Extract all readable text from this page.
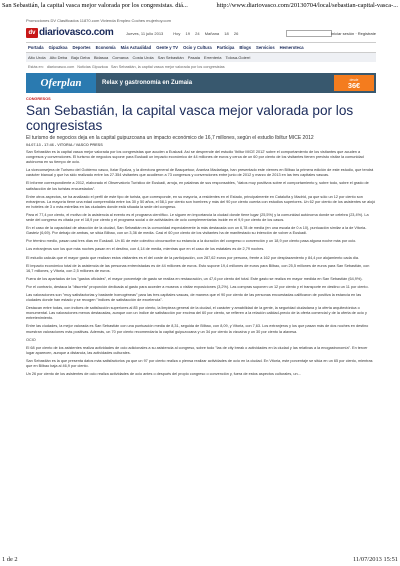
San Sebastián, la capital vasca mejor valorada por los congresistas. diá...	http://www.diariovasco.com/20130704/local/sebastian-capital-vasca-...
Promociones DV Clasificados 11870.com Vivienda Empleo Coches mujerhoy.com
dv diariovasco.com	Jueves, 11 julio 2013	Hoy 19 24 Mañana 18 26	Iniciar sesión · Registrate
Portada Gipuzkoa Deportes Economía Más Actualidad Gente y TV Ocio y Cultura Participa Blogs Servicios Hemeroteca
Alto Urola Alto Deba Bajo Deba Bidasoa Comarca Costa Urola San Sebastián Pasaia Errenteria Tolosa-Goierri
Estás en: diariovasco.com Noticias Gipuzkoa San Sebastián, la capital vasca mejor valorada por los congresistas
Oferplan	Relax y gastronomía en Zumaia	desde
36€
CONGRESOS
San Sebastián, la capital vasca mejor valorada por los congresistas
El turismo de negocios deja en la capital guipuzcoana un impacto económico de 16,7 millones, según el estudio Ibiltur MICE 2012
04.07.13 - 17:46 - VITORIA / VASCO PRESS

San Sebastián es la capital vasca mejor valorada por los congresistas que acuden a Euskadi. Así se desprende del estudio 'Ibiltur MICE 2012' sobre el comportamiento de los visitantes que acuden a congresos y convenciones. El turismo de negocios supone para Euskadi un impacto económico de 44 millones de euros y cerca de un 60 por ciento de los visitantes tienen previsto visitar la comunidad autónoma en su tiempo de ocio.

La viceconsejera de Turismo del Gobierno vasco, Itziar Epalza, y la directora general de Basquetour, Arantza Madariaga, han presentado este viernes en Bilbao la primera edición de este estudio, que tendrá carácter bianual y que ha sido realizado entre los 27.354 visitantes que acudieron a 73 congresos y convenciones entre junio de 2012 y marzo de 2013 en las tres capitales vascas.

El informe correspondiente a 2012, elaborado el Observatorio Turístico de Euskadi, arroja, en palabras de sus responsables, "datos muy positivos sobre el comportamiento y, sobre todo, sobre el grado de satisfacción de los turistas encuestados".

Entre otros aspectos, se ha analizado el perfil de este tipo de turista, que corresponde, en su mayoría, a residentes en el Estado, principalmente en Cataluña y Madrid, ya que sólo un 12 por ciento son extranjeros. La mayoría tiene una edad comprendida entre los 30 y 50 años, el 58,1 por ciento son hombres y más del 90 por ciento cuenta con estudios superiores. Un 62 por ciento de los asistentes se alojó en hoteles de 3 o más estrellas en las ciudades donde está situada la sede del congreso.

Para el 77,4 por ciento, el motivo de la asistencia al evento es el programa científico. Le siguen en importancia la ciudad donde tiene lugar (25,5%) y la comunidad autónoma donde se celebra (23,4%). La sede del congreso es citada por el 18,9 por ciento y el programa social o de actividades de ocio complementarias incide en el 9,9 por ciento de los casos.

En el caso de la capacidad de atracción de la ciudad, San Sebastián es la comunidad especialmente la más destacada con un 6,78 de media (en una escala de 0 a 10), puntuación similar a la de Vitoria-Gasteiz (6,69). Por debajo de ambas, se sitúa Bilbao, con un 3,36 de media. Casi el 60 por ciento de los visitantes ha de manifestado su intención de volver a Euskadi.

Por término medio, pasan casi tres días en Euskadi. Un 81 de este colectivo circunscribe su estancia a la duración del congreso o convención y un 18,9 por ciento pasa alguna noche más por ocio.

Los extranjeros son los que más noches pasan en el destino, con 4,14 de media, mientras que en el caso de los estatales es de 2,79 noches.

El estudio calcula que el mayor gasto que realizan estos visitantes es el del coste de la participación, con 287,62 euros por persona, frente a 162 por desplazamiento y 84,4 por alojamiento cada día.

El impacto económico total de la asistencia de las personas entrevistadas es de 44 millones de euros. Esto supone 19,4 millones de euros para Bilbao, con 25,5 millones de euros para San Sebastián, con 16,7 millones, y Vitoria, con 2,5 millones de euros.

Fuera de los apartados de los "gastos oficiales", el mayor porcentaje de gasto se realiza en restauración, un 47,6 por ciento del total. Este gasto se realiza en mayor medida en San Sebastián (64,9%).

Por el contrario, destaca la "discreta" proporción dedicada al gasto para acceder a museos o visitar exposiciones (3,2%). Las compras suponen un 12 por ciento y el transporte en destino un 11 por ciento.

Las valoraciones son "muy satisfactorias y bastante homogéneas" para las tres capitales vascas, de manera que el 90 por ciento de las personas encuestadas calificaron de positiva la estancia en las ciudades donde han estado y se recogen "índices de satisfacción de excelencia".

Destacan entre todas, con índices de satisfacción superiores al 85 por ciento, la limpieza general de la ciudad, el carácter y amabilidad de la gente, la seguridad ciudadana y la oferta arquitectónica o monumental. Las valoraciones menos destacadas, aunque con un índice de satisfacción por encima del 60 por ciento, se refieren a la relación calidad-precio de la oferta comercial y de la oferta de ocio y entretenimiento.

Entre las ciudades, la mejor valorada es San Sebastián con una puntuación media de 8,31, seguida de Bilbao, con 8,09, y Vitoria, con 7,63. Los extranjeros y los que pasan más de dos noches en destino muestran valoraciones más positivas. Además, un 70 por ciento recomendaría la capital guipuzcoana y un 34 por ciento la vizcaína y un 30 por ciento la alavesa.

OCIO

El 68 por ciento de los asistentes realiza actividades de ocio adicionales a su asistencia al congreso, sobre todo "las de city break o actividades en la ciudad y las relativas a la enogastronomía". En tercer lugar aparecen, aunque a distancia, las actividades culturales.

San Sebastián es la que presenta datos más satisfactorios ya que un 97 por ciento realiza o piensa realizar actividades de ocio en la ciudad. En Vitoria, este porcentaje se sitúa en un 65 por ciento, mientras que en Bilbao baja al 46,9 por ciento.

Un 26 por ciento de los asistentes de ocio realiza actividades de ocio antes o después del propio congreso o convención y, fuera de estos aspectos culturales, un...

1 de 2	11/07/2013 15:51
